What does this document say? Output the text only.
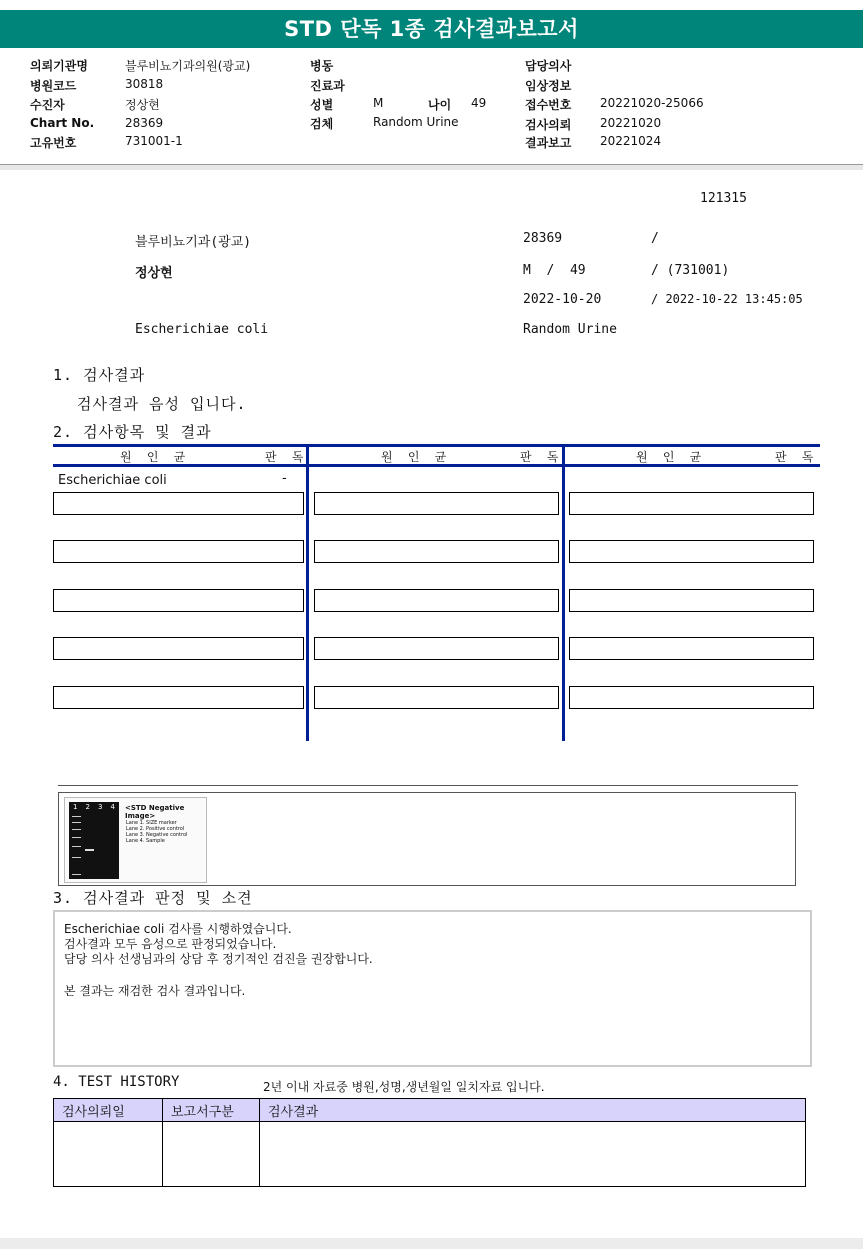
STD 단독 1종 검사결과보고서
의뢰기관명	블루비뇨기과의원(광교)
병원코드	30818
수진자	정상현
Chart No.	28369
고유번호	731001-1
병동
진료과
성별	M	나이 49
검체	Random Urine
담당의사
임상정보
접수번호 20221020-25066
검사의뢰 20221020
결과보고 20221024
121315
블루비뇨기과(광교)	28369	/
정상현	M  /  49	/ (731001)
2022-10-20	/ 2022-10-22 13:45:05
Escherichiae coli	Random Urine
1. 검사결과
검사결과 음성 입니다.
2. 검사항목 및 결과
원 인 균	판 독	원 인 균	판 독	원 인 균	판 독
Escherichiae coli	-
1 2 3 4 <STD Negative Image>
Lane 1. SIZE marker
Lane 2. Positive control
Lane 3. Negative control
Lane 4. Sample
3. 검사결과 판정 및 소견
Escherichiae coli 검사를 시행하였습니다.
검사결과 모두 음성으로 판정되었습니다.
담당 의사 선생님과의 상담 후 정기적인 검진을 권장합니다.
본 결과는 재검한 검사 결과입니다.
4. TEST HISTORY	2년 이내 자료중 병원,성명,생년월일 일치자료 입니다.
검사의뢰일	보고서구분	검사결과
